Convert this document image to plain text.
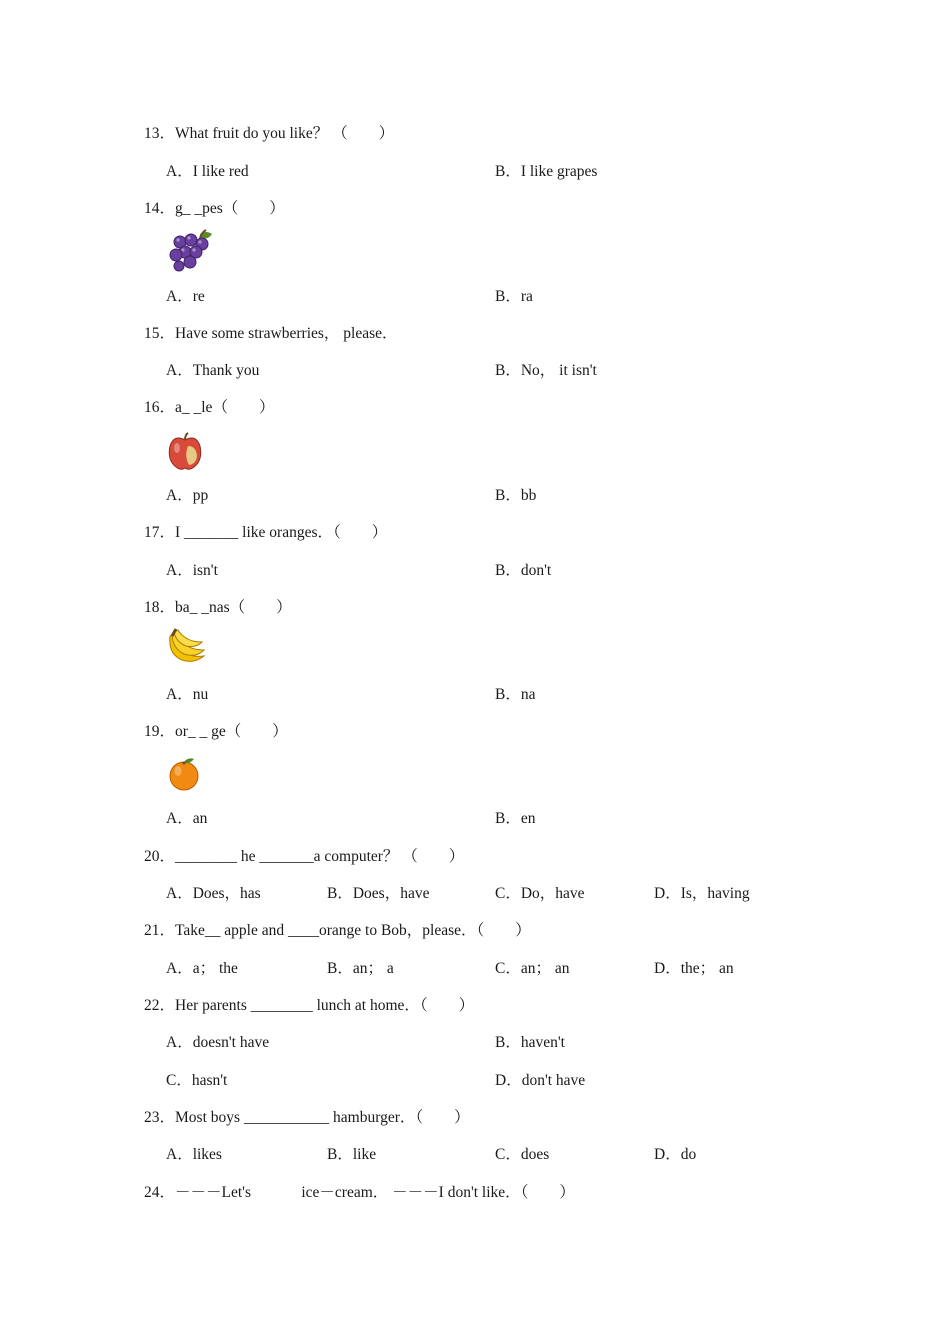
13．What fruit do you like？ （　　）
A．I like red	B．I like grapes
14．g_ _pes（　　）
A．re	B．ra
15．Have some strawberries， please．
A．Thank you	B．No， it isn't
16．a_ _le（　　）
A．pp	B．bb
17．I _______ like oranges．（　　）
A．isn't	B．don't
18．ba_ _nas（　　）
A．nu	B．na
19．or_ _ ge（　　）
A．an	B．en
20．________ he _______a computer？ （　　）
A．Does，has	B．Does，have	C．Do，have	D．Is，having
21．Take__ apple and ____orange to Bob，please．（　　）
A．a； the	B．an； a	C．an； an	D．the； an
22．Her parents ________ lunch at home．（　　）
A．doesn't have	B．haven't
C．hasn't	D．don't have
23．Most boys ___________ hamburger．（　　）
A．likes	B．like	C．does	D．do
24．－－－Let's 　　　ice－cream． －－－I don't like．（　　）
